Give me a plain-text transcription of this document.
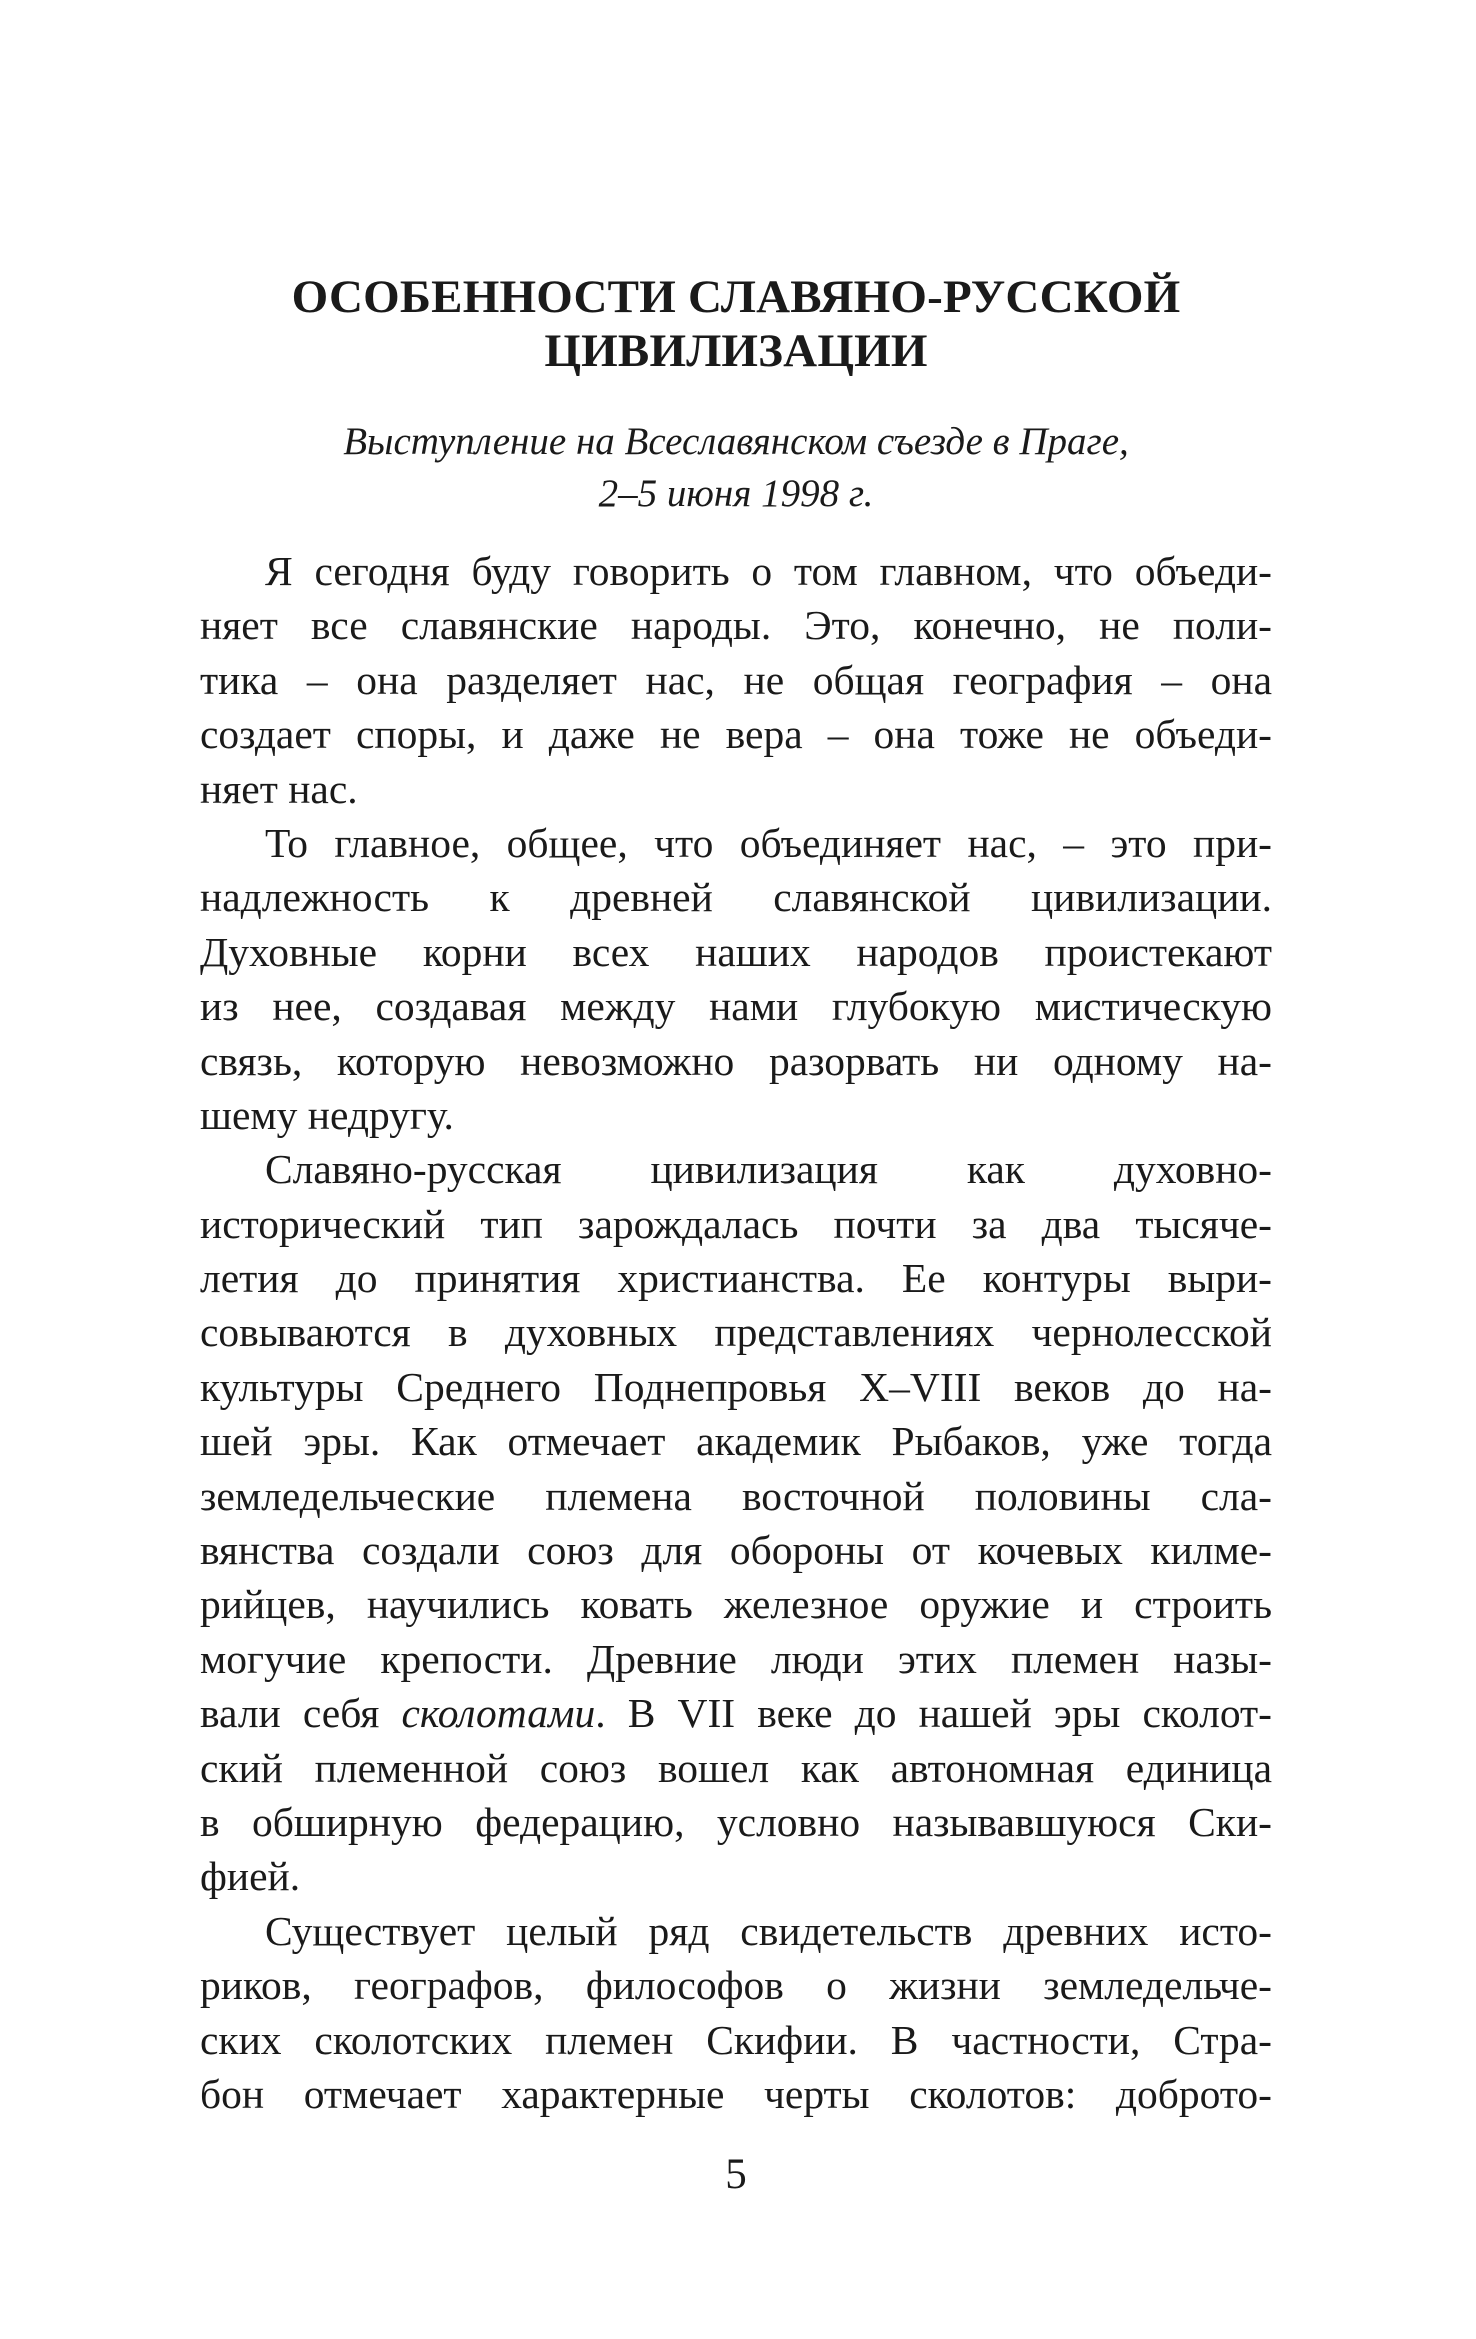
ОСОБЕННОСТИ СЛАВЯНО-РУССКОЙ
ЦИВИЛИЗАЦИИ
Выступление на Всеславянском съезде в Праге,
2–5 июня 1998 г.
Я сегодня буду говорить о том главном, что объеди-
няет все славянские народы. Это, конечно, не поли-
тика – она разделяет нас, не общая география – она
создает споры, и даже не вера – она тоже не объеди-
няет нас.
То главное, общее, что объединяет нас, – это при-
надлежность к древней славянской цивилизации.
Духовные корни всех наших народов проистекают
из нее, создавая между нами глубокую мистическую
связь, которую невозможно разорвать ни одному на-
шему недругу.
Славяно-русская цивилизация как духовно-
исторический тип зарождалась почти за два тысяче-
летия до принятия христианства. Ее контуры выри-
совываются в духовных представлениях чернолесской
культуры Среднего Поднепровья X–VIII веков до на-
шей эры. Как отмечает академик Рыбаков, уже тогда
земледельческие племена восточной половины сла-
вянства создали союз для обороны от кочевых килме-
рийцев, научились ковать железное оружие и строить
могучие крепости. Древние люди этих племен назы-
вали себя сколотами. В VII веке до нашей эры сколот-
ский племенной союз вошел как автономная единица
в обширную федерацию, условно называвшуюся Ски-
фией.
Существует целый ряд свидетельств древних исто-
риков, географов, философов о жизни земледельче-
ских сколотских племен Скифии. В частности, Стра-
бон отмечает характерные черты сколотов: доброто-
5
